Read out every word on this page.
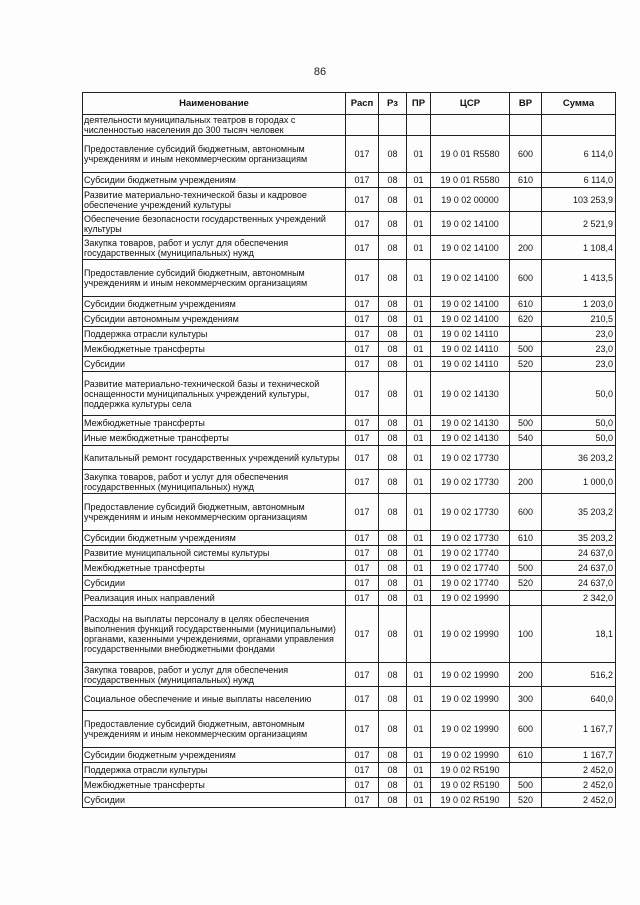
86
Наименование	Расп	Рз	ПР	ЦСР	ВР	Сумма
деятельности муниципальных театров в городах с численностью населения до 300 тысяч человек						
Предоставление субсидий бюджетным, автономным учреждениям и иным некоммерческим организациям	017	08	01	19 0 01 R5580	600	6 114,0
Субсидии бюджетным учреждениям	017	08	01	19 0 01 R5580	610	6 114,0
Развитие материально-технической базы и кадровое обеспечение учреждений культуры	017	08	01	19 0 02 00000		103 253,9
Обеспечение безопасности государственных учреждений культуры	017	08	01	19 0 02 14100		2 521,9
Закупка товаров, работ и услуг для обеспечения государственных (муниципальных) нужд	017	08	01	19 0 02 14100	200	1 108,4
Предоставление субсидий бюджетным, автономным учреждениям и иным некоммерческим организациям	017	08	01	19 0 02 14100	600	1 413,5
Субсидии бюджетным учреждениям	017	08	01	19 0 02 14100	610	1 203,0
Субсидии автономным учреждениям	017	08	01	19 0 02 14100	620	210,5
Поддержка отрасли культуры	017	08	01	19 0 02 14110		23,0
Межбюджетные трансферты	017	08	01	19 0 02 14110	500	23,0
Субсидии	017	08	01	19 0 02 14110	520	23,0
Развитие материально-технической базы и технической оснащенности муниципальных учреждений культуры, поддержка культуры села	017	08	01	19 0 02 14130		50,0
Межбюджетные трансферты	017	08	01	19 0 02 14130	500	50,0
Иные межбюджетные трансферты	017	08	01	19 0 02 14130	540	50,0
Капитальный ремонт государственных учреждений культуры	017	08	01	19 0 02 17730		36 203,2
Закупка товаров, работ и услуг для обеспечения государственных (муниципальных) нужд	017	08	01	19 0 02 17730	200	1 000,0
Предоставление субсидий бюджетным, автономным учреждениям и иным некоммерческим организациям	017	08	01	19 0 02 17730	600	35 203,2
Субсидии бюджетным учреждениям	017	08	01	19 0 02 17730	610	35 203,2
Развитие муниципальной системы культуры	017	08	01	19 0 02 17740		24 637,0
Межбюджетные трансферты	017	08	01	19 0 02 17740	500	24 637,0
Субсидии	017	08	01	19 0 02 17740	520	24 637,0
Реализация иных направлений	017	08	01	19 0 02 19990		2 342,0
Расходы на выплаты персоналу в целях обеспечения выполнения функций государственными (муниципальными) органами, казенными учреждениями, органами управления государственными внебюджетными фондами	017	08	01	19 0 02 19990	100	18,1
Закупка товаров, работ и услуг для обеспечения государственных (муниципальных) нужд	017	08	01	19 0 02 19990	200	516,2
Социальное обеспечение и иные выплаты населению	017	08	01	19 0 02 19990	300	640,0
Предоставление субсидий бюджетным, автономным учреждениям и иным некоммерческим организациям	017	08	01	19 0 02 19990	600	1 167,7
Субсидии бюджетным учреждениям	017	08	01	19 0 02 19990	610	1 167,7
Поддержка отрасли культуры	017	08	01	19 0 02 R5190		2 452,0
Межбюджетные трансферты	017	08	01	19 0 02 R5190	500	2 452,0
Субсидии	017	08	01	19 0 02 R5190	520	2 452,0
